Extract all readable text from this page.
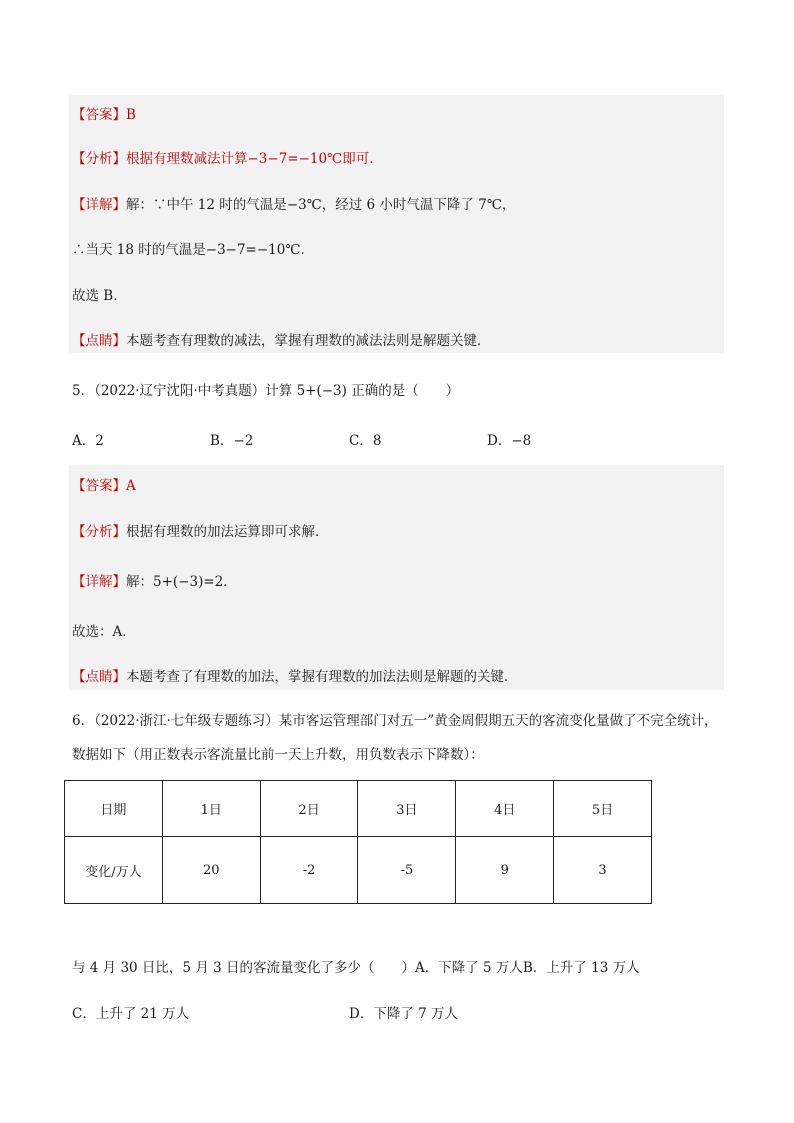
【答案】B
【分析】根据有理数减法计算−3−7=−10℃即可．
【详解】解：∵中午 12 时的气温是−3℃，经过 6 小时气温下降了 7℃，
∴当天 18 时的气温是−3−7=−10℃．
故选 B．
【点睛】本题考查有理数的减法，掌握有理数的减法法则是解题关键．
5．（2022·辽宁沈阳·中考真题）计算 5+(−3) 正确的是（　　）
A．2	B．−2	C．8	D．−8
【答案】A
【分析】根据有理数的加法运算即可求解．
【详解】解：5+(−3)=2．
故选：A．
【点睛】本题考查了有理数的加法，掌握有理数的加法法则是解题的关键．
6．（2022·浙江·七年级专题练习）某市客运管理部门对五一”黄金周假期五天的客流变化量做了不完全统计，
数据如下（用正数表示客流量比前一天上升数，用负数表示下降数）：
日期	1日	2日	3日	4日	5日
变化/万人	20	-2	-5	9	3
与 4 月 30 日比，5 月 3 日的客流量变化了多少（　　）A．下降了 5 万人B．上升了 13 万人
C．上升了 21 万人	D．下降了 7 万人
